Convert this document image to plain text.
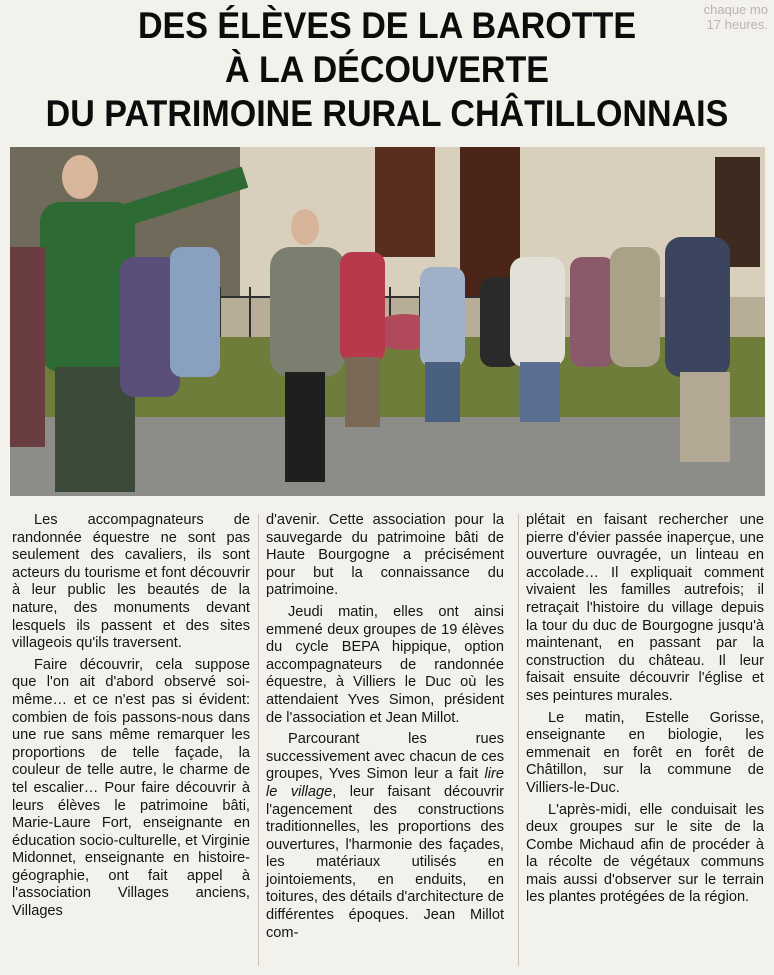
chaque mo
17 heures.
DES ÉLÈVES DE LA BAROTTE
À LA DÉCOUVERTE
DU PATRIMOINE RURAL CHÂTILLONNAIS

Les accompagnateurs de randonnée équestre ne sont pas seulement des cavaliers, ils sont acteurs du tourisme et font découvrir à leur public les beautés de la nature, des monuments devant lesquels ils passent et des sites villageois qu'ils traversent.

Faire découvrir, cela suppose que l'on ait d'abord observé soi-même… et ce n'est pas si évident: combien de fois passons-nous dans une rue sans même remarquer les proportions de telle façade, la couleur de telle autre, le charme de tel escalier… Pour faire découvrir à leurs élèves le patrimoine bâti, Marie-Laure Fort, enseignante en éducation socio-culturelle, et Virginie Midonnet, enseignante en histoire-géographie, ont fait appel à l'association Villages anciens, Villages

d'avenir. Cette association pour la sauvegarde du patrimoine bâti de Haute Bourgogne a précisément pour but la connaissance du patrimoine.

Jeudi matin, elles ont ainsi emmené deux groupes de 19 élèves du cycle BEPA hippique, option accompagnateurs de randonnée équestre, à Villiers le Duc où les attendaient Yves Simon, président de l'association et Jean Millot.

Parcourant les rues successivement avec chacun de ces groupes, Yves Simon leur a fait lire le village, leur faisant découvrir l'agencement des constructions traditionnelles, les proportions des ouvertures, l'harmonie des façades, les matériaux utilisés en jointoiements, en enduits, en toitures, des détails d'architecture de différentes époques. Jean Millot com-

plétait en faisant rechercher une pierre d'évier passée inaperçue, une ouverture ouvragée, un linteau en accolade… Il expliquait comment vivaient les familles autrefois; il retraçait l'histoire du village depuis la tour du duc de Bourgogne jusqu'à maintenant, en passant par la construction du château. Il leur faisait ensuite découvrir l'église et ses peintures murales.

Le matin, Estelle Gorisse, enseignante en biologie, les emmenait en forêt en forêt de Châtillon, sur la commune de Villiers-le-Duc.

L'après-midi, elle conduisait les deux groupes sur le site de la Combe Michaud afin de procéder à la récolte de végétaux communs mais aussi d'observer sur le terrain les plantes protégées de la région.
